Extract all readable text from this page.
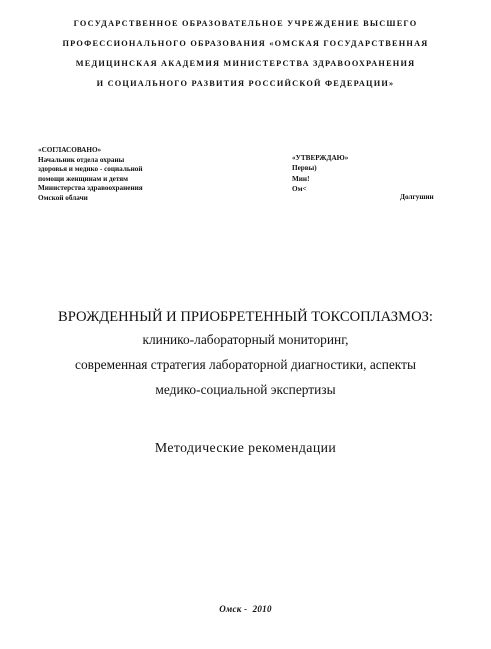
ГОСУДАРСТВЕННОЕ ОБРАЗОВАТЕЛЬНОЕ УЧРЕЖДЕНИЕ ВЫСШЕГО
ПРОФЕССИОНАЛЬНОГО ОБРАЗОВАНИЯ «ОМСКАЯ ГОСУДАРСТВЕННАЯ
МЕДИЦИНСКАЯ АКАДЕМИЯ МИНИСТЕРСТВА ЗДРАВООХРАНЕНИЯ
И СОЦИАЛЬНОГО РАЗВИТИЯ РОССИЙСКОЙ ФЕДЕРАЦИИ»
«СОГЛАСОВАНО»
Начальник отдела охраны
здоровья и медико - социальной
помощи женщинам и детям
Министерства здравоохранения
Омской облачи
«УТВЕРЖДАЮ»
Первы)
Мин!
Ом<
Долгушин
ВРОЖДЕННЫЙ И ПРИОБРЕТЕННЫЙ ТОКСОПЛАЗМОЗ:
клинико-лабораторный мониторинг,
современная стратегия лабораторной диагностики, аспекты
медико-социальной экспертизы
Методические рекомендации
Омск -  2010
